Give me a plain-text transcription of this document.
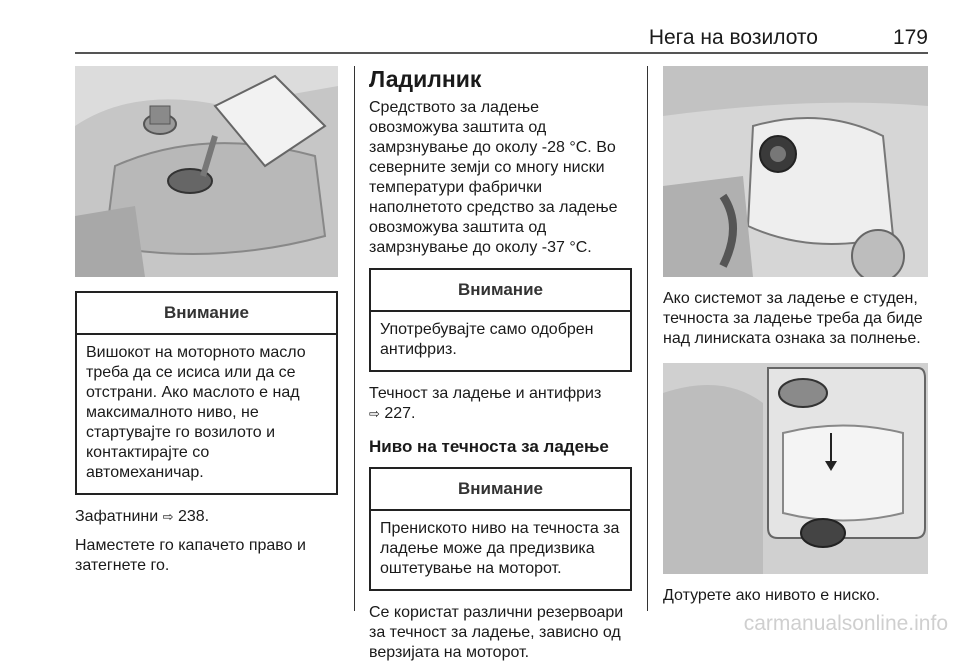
Нега на возилото	179
Внимание
Вишокот на моторното масло треба да се исиса или да се отстрани. Ако маслото е над максималното ниво, не стартувајте го возилото и контактирајте со автомеханичар.

Зафатнини ⇨ 238.

Наместете го капачето право и затегнете го.

Ладилник

Средството за ладење овозможува заштита од замрзнување до околу -28 °C. Во северните земји со многу ниски температури фабрички наполнетото средство за ладење овозможува заштита од замрзнување до околу -37 °C.

Внимание
Употребувајте само одобрен антифриз.

Течност за ладење и антифриз
⇨ 227.

Ниво на течноста за ладење
Внимание
Пренискoто ниво на течноста за ладење може да предизвика оштетување на моторот.

Се користат различни резервоари за течност за ладење, зависно од верзијата на моторот.

Ако системот за ладење е студен, течноста за ладење треба да биде над линиската ознака за полнење.

Дотурете ако нивото е ниско.

carmanualsonline.info
